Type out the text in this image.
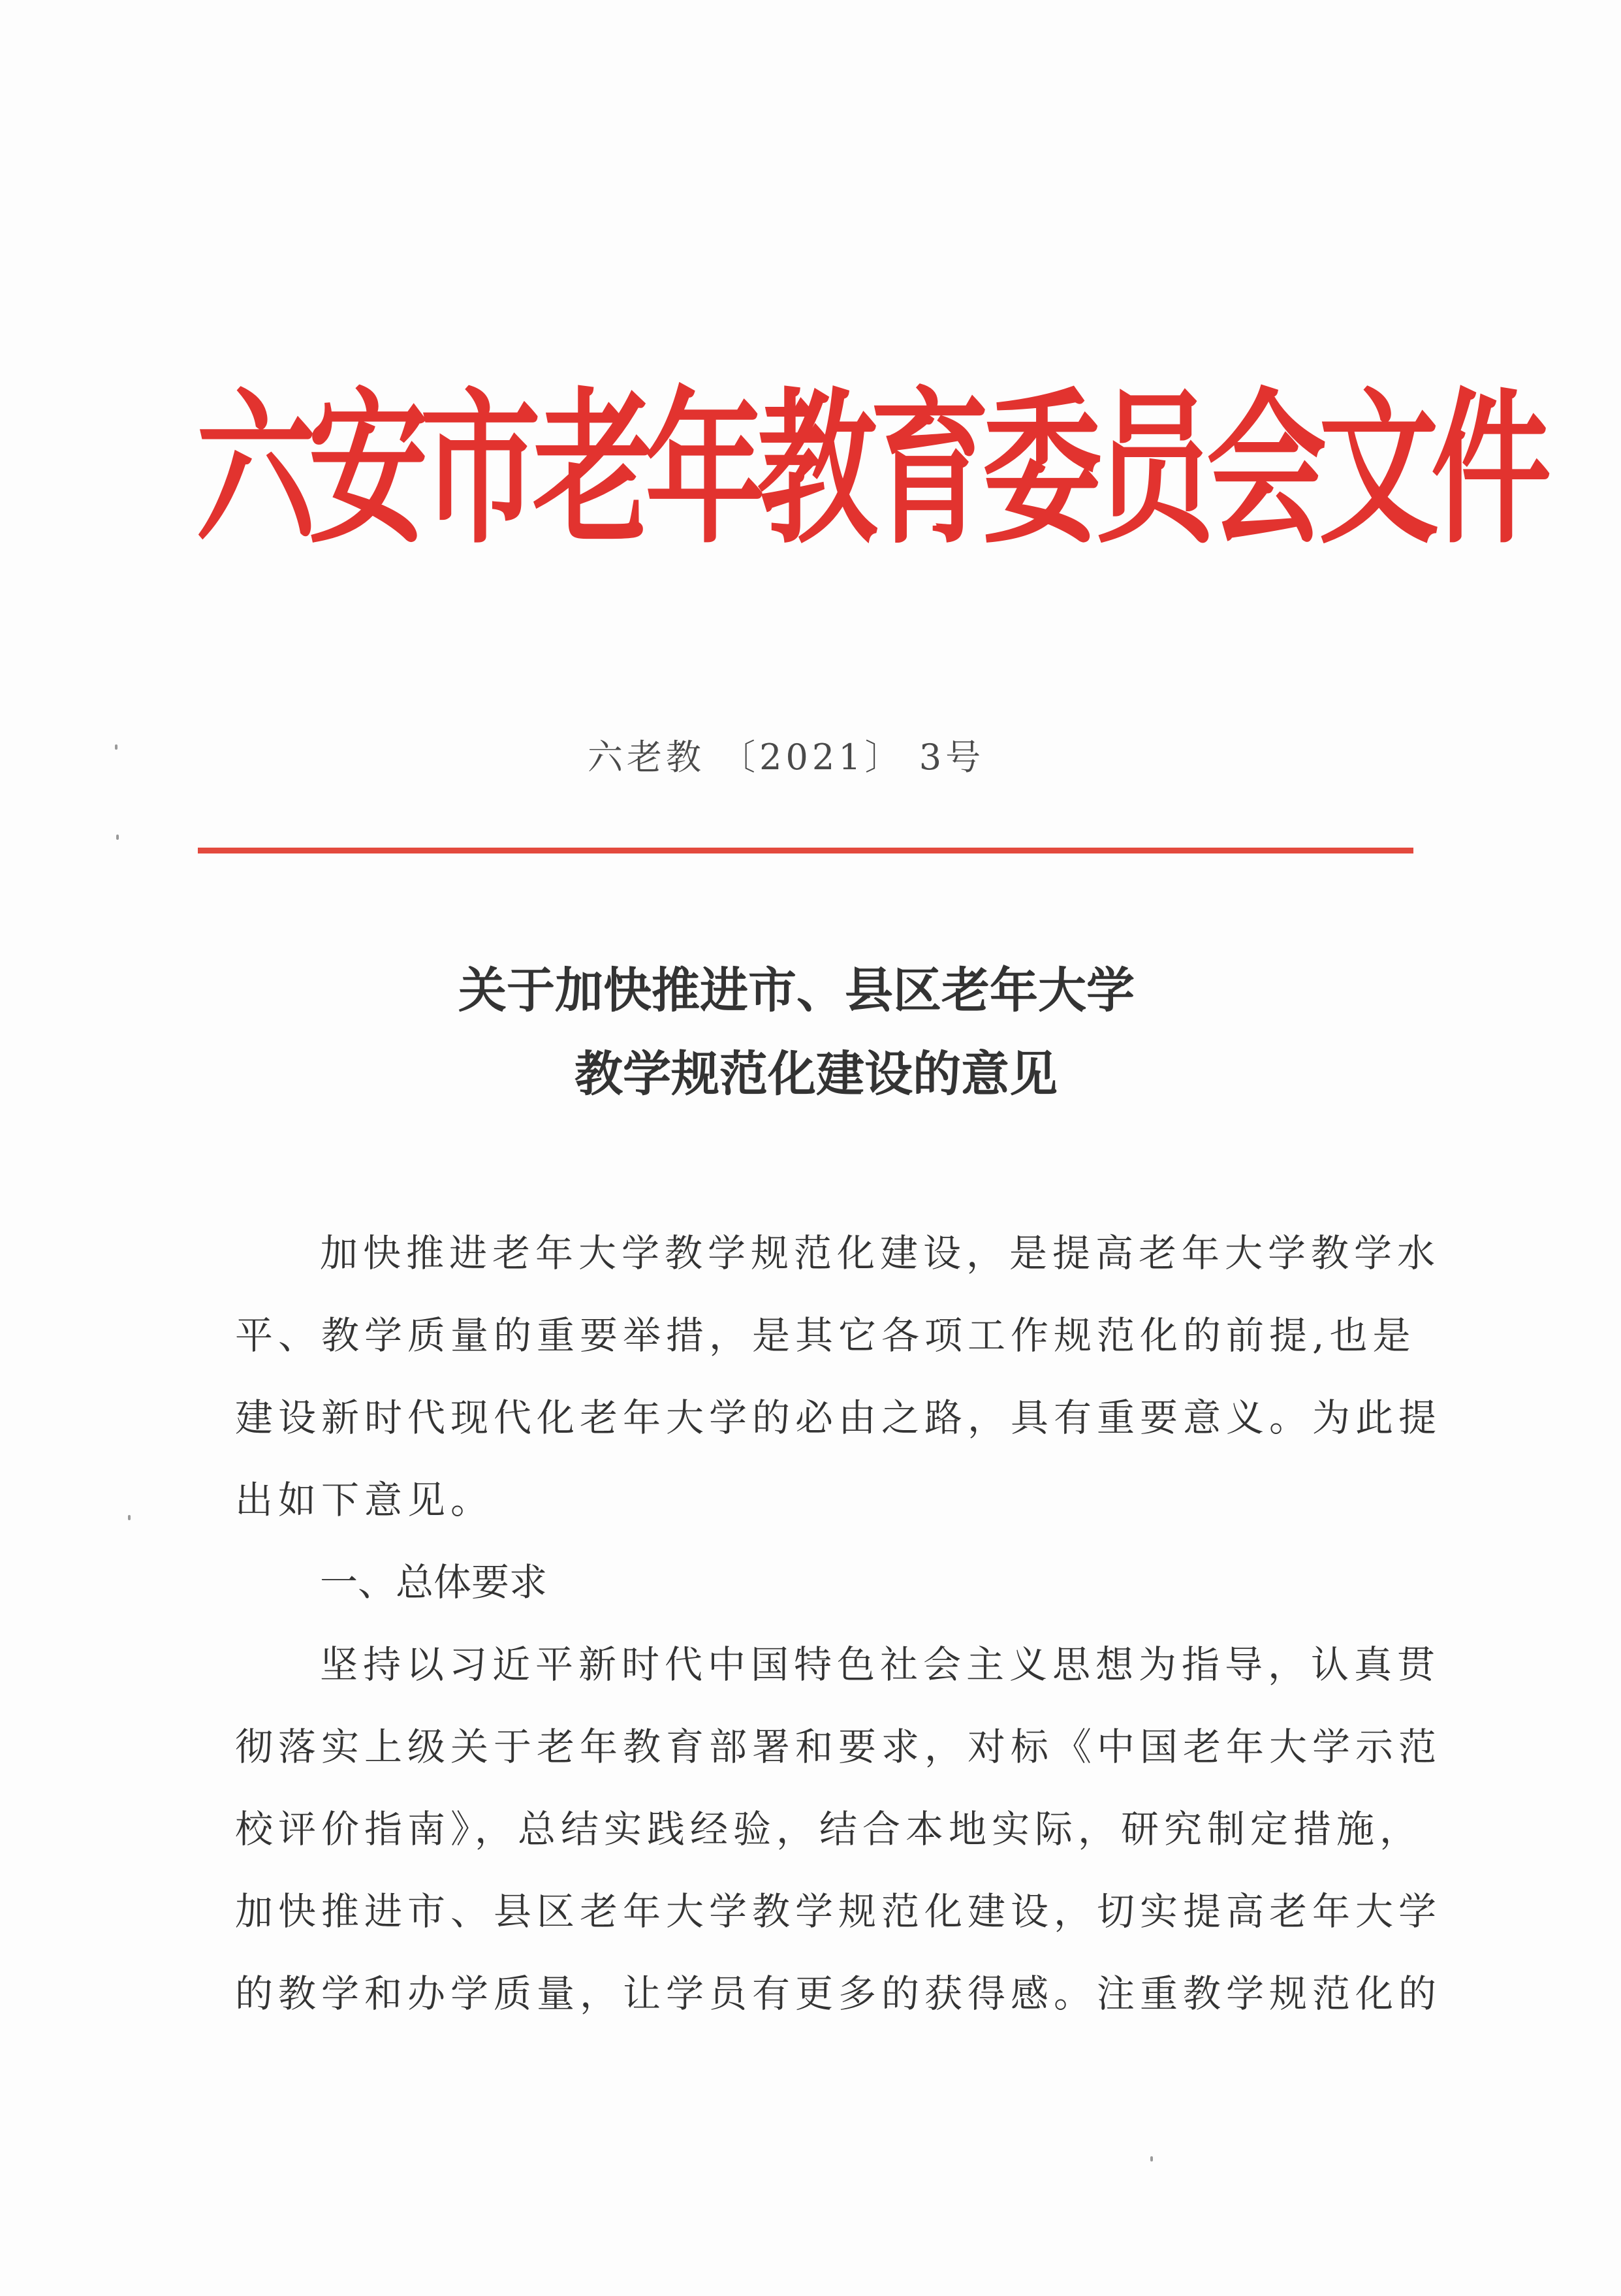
六安市老年教育委员会文件
六老教 〔2021〕 3号
关于加快推进市、县区老年大学
教学规范化建设的意见

加快推进老年大学教学规范化建设，是提高老年大学教学水

平、教学质量的重要举措，是其它各项工作规范化的前提,也是

建设新时代现代化老年大学的必由之路，具有重要意义。为此提

出如下意见。

一、总体要求

坚持以习近平新时代中国特色社会主义思想为指导，认真贯

彻落实上级关于老年教育部署和要求，对标《中国老年大学示范

校评价指南》，总结实践经验，结合本地实际，研究制定措施，

加快推进市、县区老年大学教学规范化建设，切实提高老年大学

的教学和办学质量，让学员有更多的获得感。注重教学规范化的
